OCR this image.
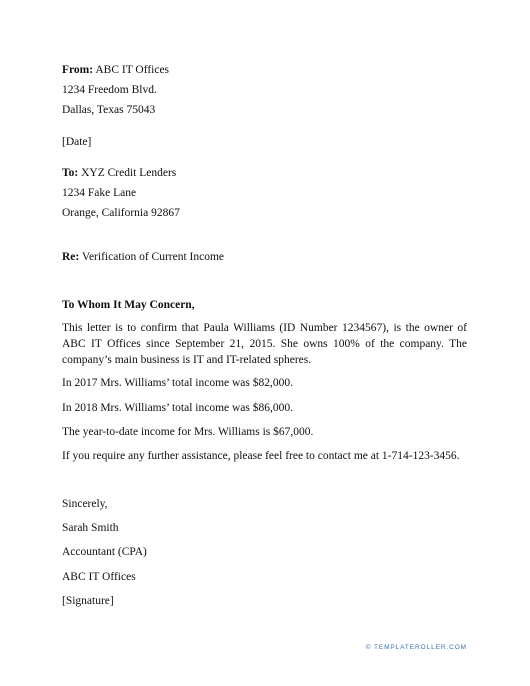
From: ABC IT Offices
1234 Freedom Blvd.
Dallas, Texas 75043
[Date]
To: XYZ Credit Lenders
1234 Fake Lane
Orange, California 92867
Re: Verification of Current Income
To Whom It May Concern,
This letter is to confirm that Paula Williams (ID Number 1234567), is the owner of ABC IT Offices since September 21, 2015. She owns 100% of the company. The company’s main business is IT and IT-related spheres.
In 2017 Mrs. Williams’ total income was $82,000.
In 2018 Mrs. Williams’ total income was $86,000.
The year-to-date income for Mrs. Williams is $67,000.
If you require any further assistance, please feel free to contact me at 1-714-123-3456.
Sincerely,
Sarah Smith
Accountant (CPA)
ABC IT Offices
[Signature]
© TEMPLATEROLLER.COM
